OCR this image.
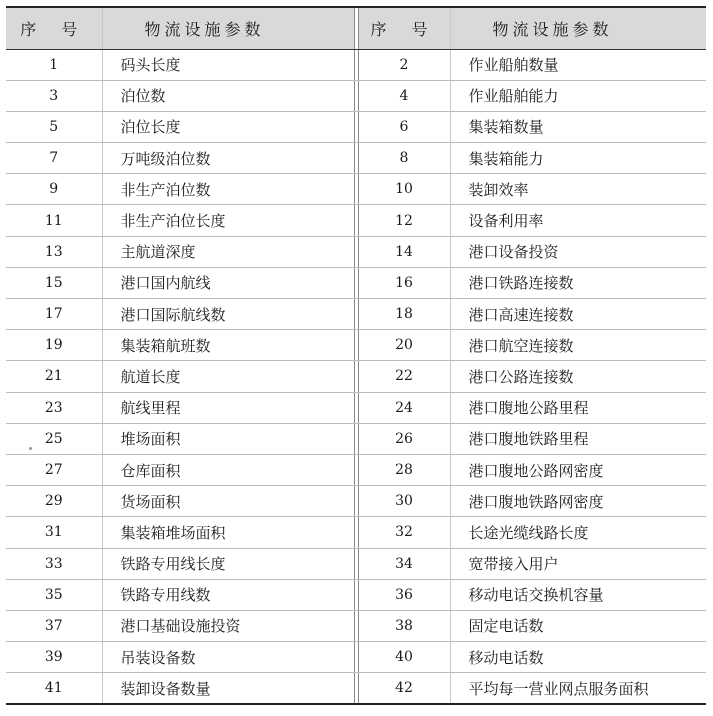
序 号	物流设施参数		序 号	物流设施参数
1	码头长度		2	作业船舶数量
3	泊位数		4	作业船舶能力
5	泊位长度		6	集装箱数量
7	万吨级泊位数		8	集装箱能力
9	非生产泊位数		10	装卸效率
11	非生产泊位长度		12	设备利用率
13	主航道深度		14	港口设备投资
15	港口国内航线		16	港口铁路连接数
17	港口国际航线数		18	港口高速连接数
19	集装箱航班数		20	港口航空连接数
21	航道长度		22	港口公路连接数
23	航线里程		24	港口腹地公路里程
25	堆场面积		26	港口腹地铁路里程
27	仓库面积		28	港口腹地公路网密度
29	货场面积		30	港口腹地铁路网密度
31	集装箱堆场面积		32	长途光缆线路长度
33	铁路专用线长度		34	宽带接入用户
35	铁路专用线数		36	移动电话交换机容量
37	港口基础设施投资		38	固定电话数
39	吊装设备数		40	移动电话数
41	装卸设备数量		42	平均每一营业网点服务面积
